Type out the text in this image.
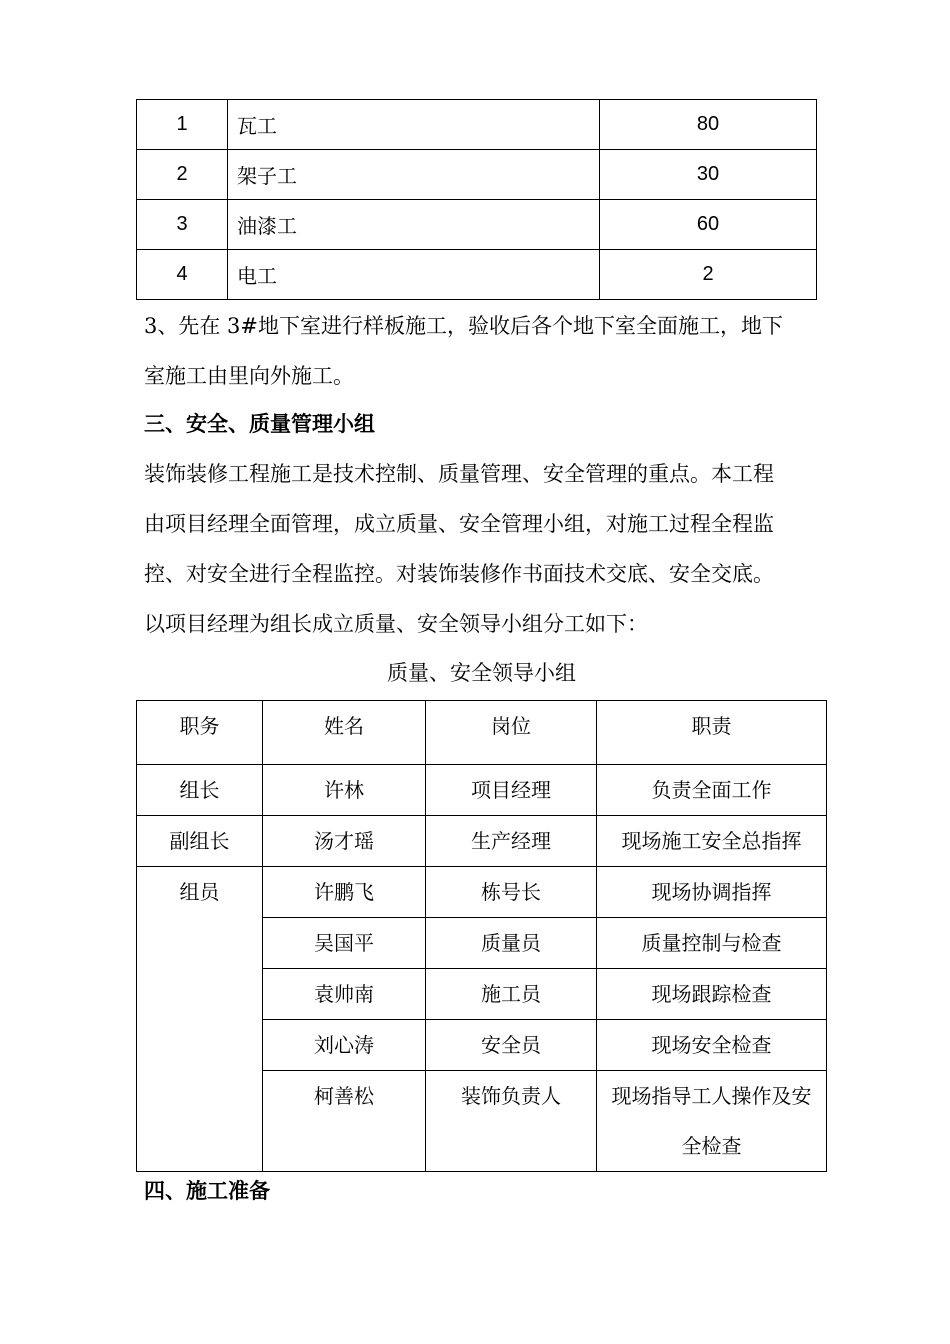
1	瓦工	80
2	架子工	30
3	油漆工	60
4	电工	2
3、先在 3#地下室进行样板施工，验收后各个地下室全面施工，地下
室施工由里向外施工。
三、安全、质量管理小组
装饰装修工程施工是技术控制、质量管理、安全管理的重点。本工程
由项目经理全面管理，成立质量、安全管理小组，对施工过程全程监
控、对安全进行全程监控。对装饰装修作书面技术交底、安全交底。
以项目经理为组长成立质量、安全领导小组分工如下：
质量、安全领导小组
职务	姓名	岗位	职责
组长	许林	项目经理	负责全面工作
副组长	汤才瑶	生产经理	现场施工安全总指挥
组员	许鹏飞	栋号长	现场协调指挥
	吴国平	质量员	质量控制与检查
	袁帅南	施工员	现场跟踪检查
	刘心涛	安全员	现场安全检查
	柯善松	装饰负责人	现场指导工人操作及安全检查
四、施工准备
